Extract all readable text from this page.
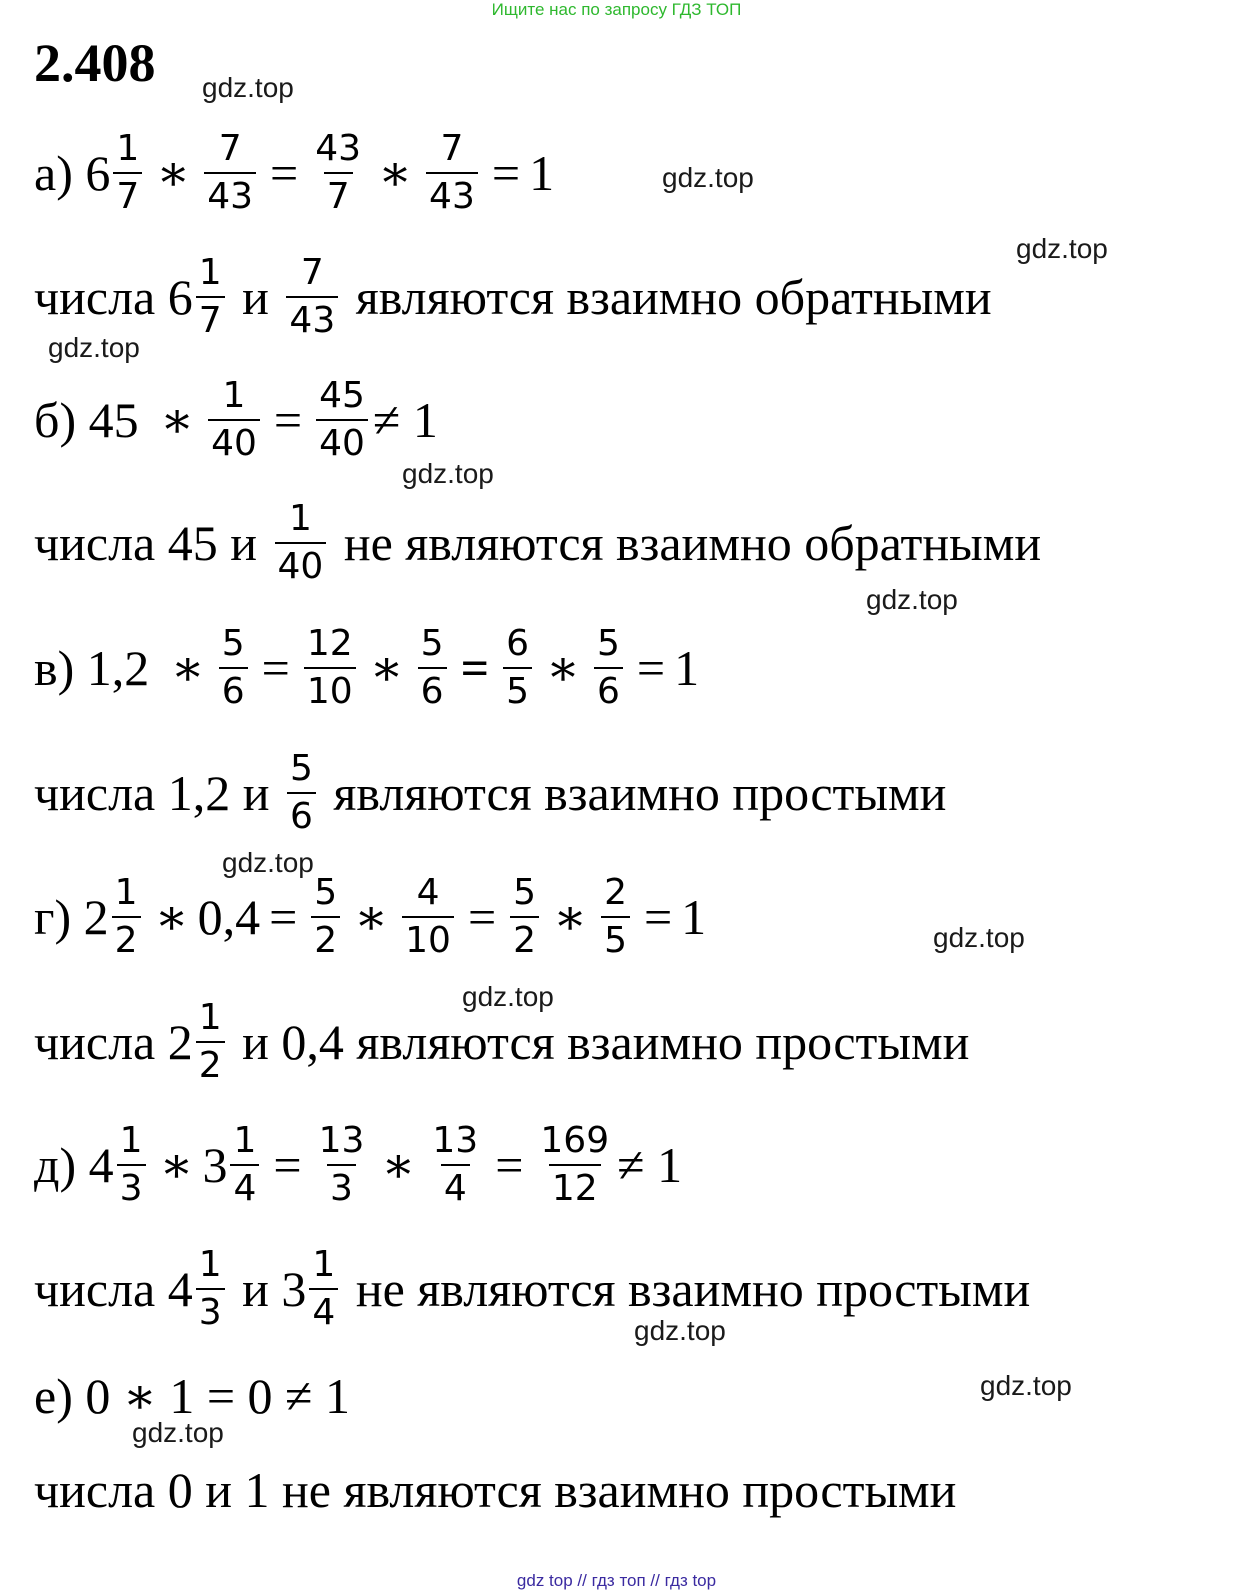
Ищите нас по запросу ГДЗ ТОП
2.408 gdz.top
gdz.top
gdz.top
gdz.top
gdz.top
gdz.top
gdz.top
gdz.top
gdz.top
gdz.top
gdz.top
gdz.top
а) $6 \frac{1}{7}$ ∗ $\frac{7}{43} = \frac{43}{7}$ ∗ $\frac{7}{43} = 1$
числа $6 \frac{1}{7}$ и $\frac{7}{43}$ являются взаимно обратными
б) 45 ∗ $\frac{1}{40} = \frac{45}{40} \ne 1$
числа 45 и $\frac{1}{40}$ не являются взаимно обратными
в) 1,2 ∗ $\frac{5}{6} = \frac{12}{10}$ ∗ $\frac{5}{6} = \frac{6}{5}$ ∗ $\frac{5}{6} = 1$
числа 1,2 и $\frac{5}{6}$ являются взаимно простыми
г) $2 \frac{1}{2}$ ∗ $0,4 = \frac{5}{2}$ ∗ $\frac{4}{10} = \frac{5}{2}$ ∗ $\frac{2}{5} = 1$
числа $2 \frac{1}{2}$ и 0,4 являются взаимно простыми
д) $4 \frac{1}{3}$ ∗ $3 \frac{1}{4} = \frac{13}{3}$ ∗ $\frac{13}{4} = \frac{169}{12} \ne 1$
числа $4 \frac{1}{3}$ и $3 \frac{1}{4}$ не являются взаимно простыми
е) 0 ∗ 1 = 0 ≠ 1
числа 0 и 1 не являются взаимно простыми
gdz top // гдз топ // гдз top
